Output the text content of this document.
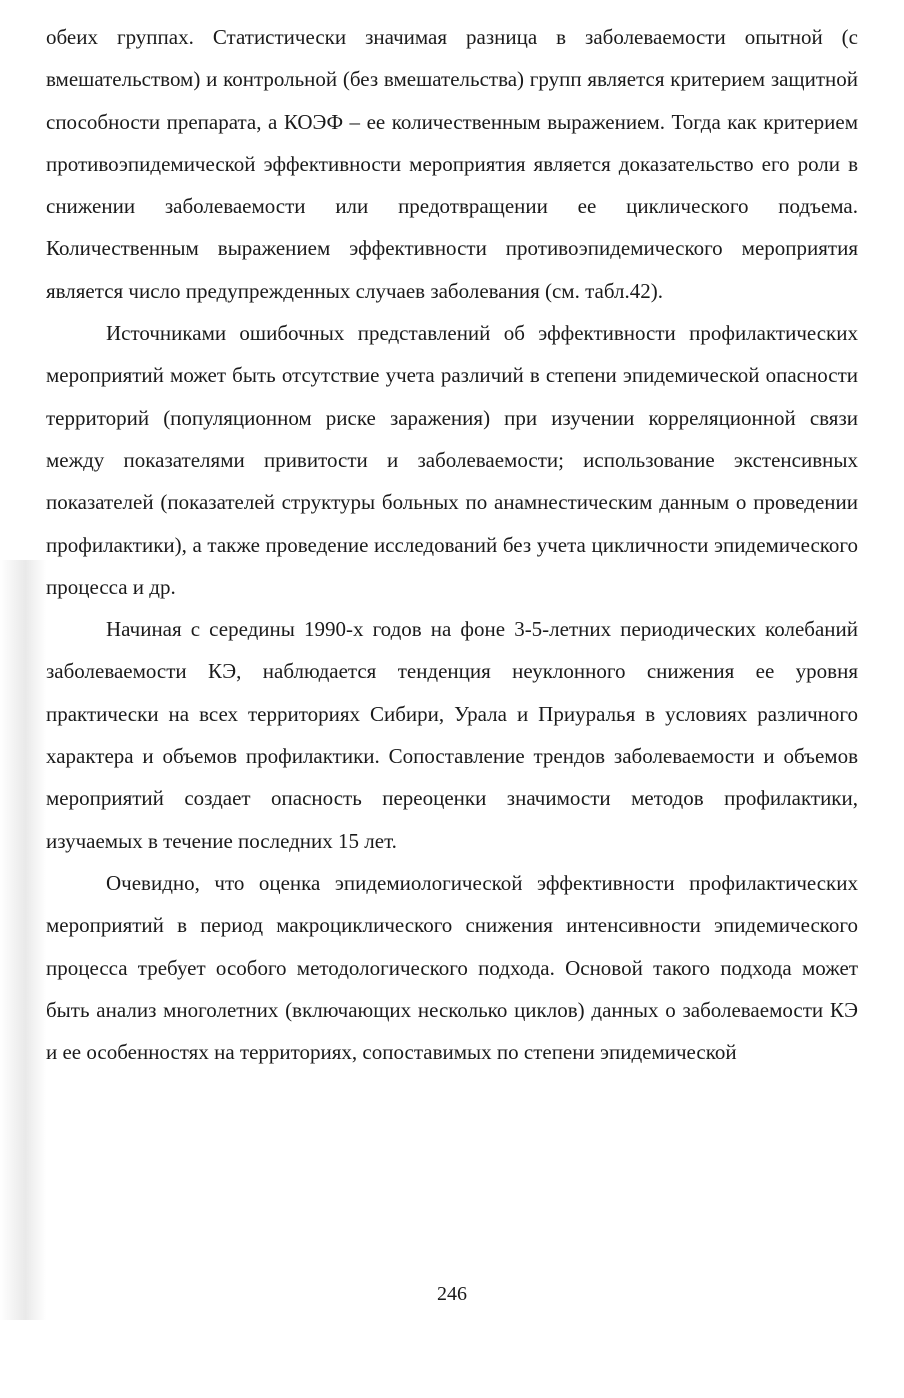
обеих группах. Статистически значимая разница в заболеваемости опытной (с вмешательством) и контрольной (без вмешательства) групп является критерием защитной способности препарата, а КОЭФ – ее количественным выражением. Тогда как критерием противоэпидемической эффективности мероприятия является доказательство его роли в снижении заболеваемости или предотвращении ее циклического подъема. Количественным выражением эффективности противоэпидемического мероприятия является число предупрежденных случаев заболевания (см. табл.42).

Источниками ошибочных представлений об эффективности профилактических мероприятий может быть отсутствие учета различий в степени эпидемической опасности территорий (популяционном риске заражения) при изучении корреляционной связи между показателями привитости и заболеваемости; использование экстенсивных показателей (показателей структуры больных по анамнестическим данным о проведении профилактики), а также проведение исследований без учета цикличности эпидемического процесса и др.

Начиная с середины 1990-х годов на фоне 3-5-летних периодических колебаний заболеваемости КЭ, наблюдается тенденция неуклонного снижения ее уровня практически на всех территориях Сибири, Урала и Приуралья в условиях различного характера и объемов профилактики. Сопоставление трендов заболеваемости и объемов мероприятий создает опасность переоценки значимости методов профилактики, изучаемых в течение последних 15 лет.

Очевидно, что оценка эпидемиологической эффективности профилактических мероприятий в период макроциклического снижения интенсивности эпидемического процесса требует особого методологического подхода. Основой такого подхода может быть анализ многолетних (включающих несколько циклов) данных о заболеваемости КЭ и ее особенностях на территориях, сопоставимых по степени эпидемической

246
